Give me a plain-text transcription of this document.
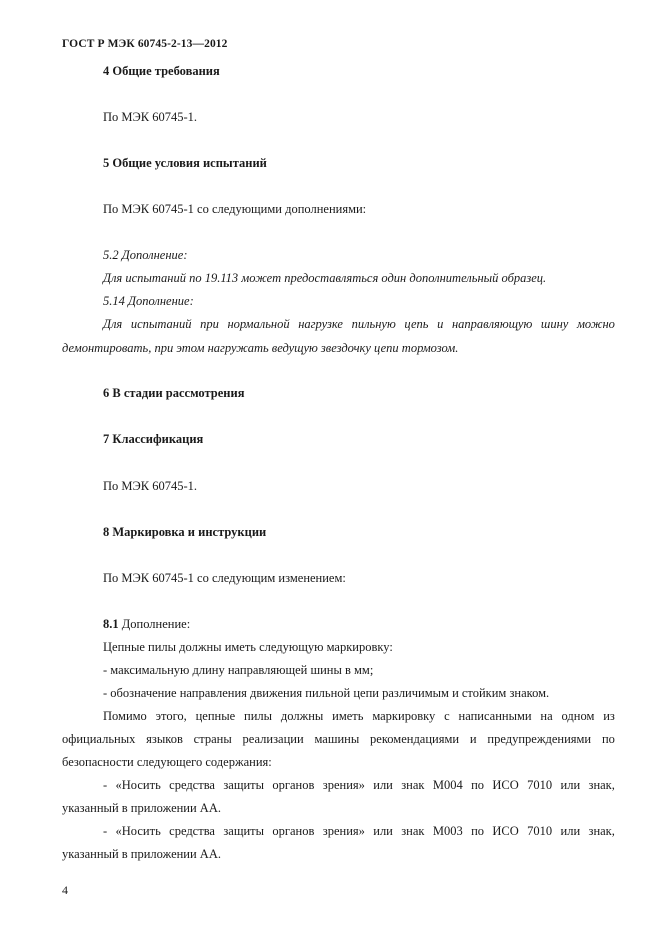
ГОСТ Р МЭК 60745-2-13—2012
4 Общие требования
По МЭК 60745-1.
5 Общие условия испытаний
По МЭК 60745-1 со следующими дополнениями:
5.2 Дополнение:
Для испытаний по 19.113 может предоставляться один дополнительный образец.
5.14 Дополнение:
Для испытаний при нормальной нагрузке пильную цепь и направляющую шину можно
демонтировать, при этом нагружать ведущую звездочку цепи тормозом.
6 В стадии рассмотрения
7 Классификация
По МЭК 60745-1.
8 Маркировка и инструкции
По МЭК 60745-1 со следующим изменением:
8.1 Дополнение:
Цепные пилы должны иметь следующую маркировку:
- максимальную длину направляющей шины в мм;
- обозначение направления движения пильной цепи различимым и стойким знаком.
Помимо этого, цепные пилы должны иметь маркировку с написанными на одном из
официальных языков страны реализации машины рекомендациями и предупреждениями по
безопасности следующего содержания:
- «Носить средства защиты органов зрения» или знак М004 по ИСО 7010 или знак,
указанный в приложении АА.
- «Носить средства защиты органов зрения» или знак М003 по ИСО 7010 или знак,
указанный в приложении АА.
4
